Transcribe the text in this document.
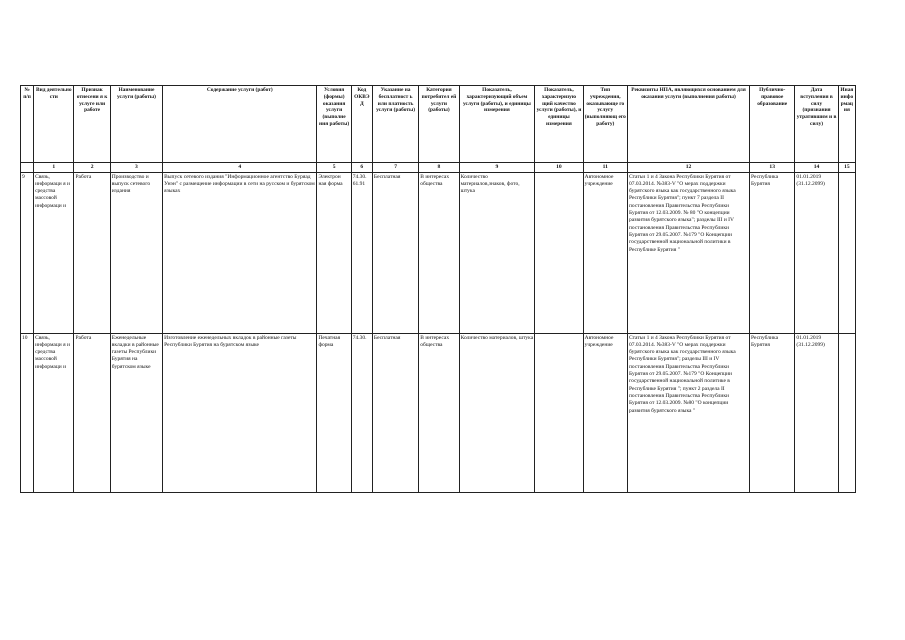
№ п/п	Вид деятельно сти	Признак отнесени я к услуге или работе	Наименование услуги (работы)	Содержание услуги (работ)	Условия (формы) оказания услуги (выполне ния работы)	Код ОКВЭ Д	Указание на бесплатност ь или платность услуги (работы)	Категория потребител ей услуги (работы)	Показатель, характеризующий объем услуги (работы), и единицы измерения	Показатель, характеризую щий качество услуги (работы), и единицы измерения	Тип учреждения, оказывающе го услугу (выполняющ его работу)	Реквизиты НПА, являющихся основанием для оказания услуги (выполнения работы)	Публично-правовое образование	Дата вступления в силу (признания утратившим и в силу)	Иная инфо рмац ия
	1	2	3	4	5	6	7	8	9	10	11	12	13	14	15
9	Связь, информаци я и средства массовой информаци и	Работа	Производство и выпуск сетевого издания	Выпуск сетевого издания "Информационное агентство Буряад Унэн" с размещение информации в сети на русском и бурятском языках	Электрон ная форма	74.30. 61.91	Бесплатная	В интересах общества	Количество материалов,знаков, фото, штука		Автономное учреждение	Статьи 1 и 4 Закона Республики Бурятия от 07.03.2014. №383-V "О мерах поддержки бурятского языка как государственного языка Республики Бурятия"; пункт 7 раздела II постановления Правительства Республики Бурятия от 12.03.2009. № 80 "О концепции развития бурятского языка"; разделы III и IV постановления Правительства Республики Бурятия от 29.05.2007. №179 "О Концепции государственной национальной политики в Республике Бурятия "	Республика Бурятия	01.01.2019 (31.12.2099)	
10	Связь, информаци я и средства массовой информаци и	Работа	Еженедельные вкладки в районные газеты Республики Бурятия на бурятском языке	Изготовление еженедельных вкладок в районные газеты Республики Бурятия на бурятском языке	Печатная форма	74.30.	Бесплатная	В интересах общества	Количество материалов, штука		Автономное учреждение	Статьи 1 и 4 Закона Республики Бурятия от 07.03.2014. №383-V "О мерах поддержки бурятского языка как государственного языка Республики Бурятия"; разделы III и IV постановления Правительства Республики Бурятия от 29.05.2007. №179 "О Концепции государственной национальной политике в Республике Бурятия "; пункт 2 раздела II постановления Правительства Республики Бурятия от 12.03.2009. №80 "О концепции развития бурятского языка "	Республика Бурятия	01.01.2019 (31.12.2099)	
